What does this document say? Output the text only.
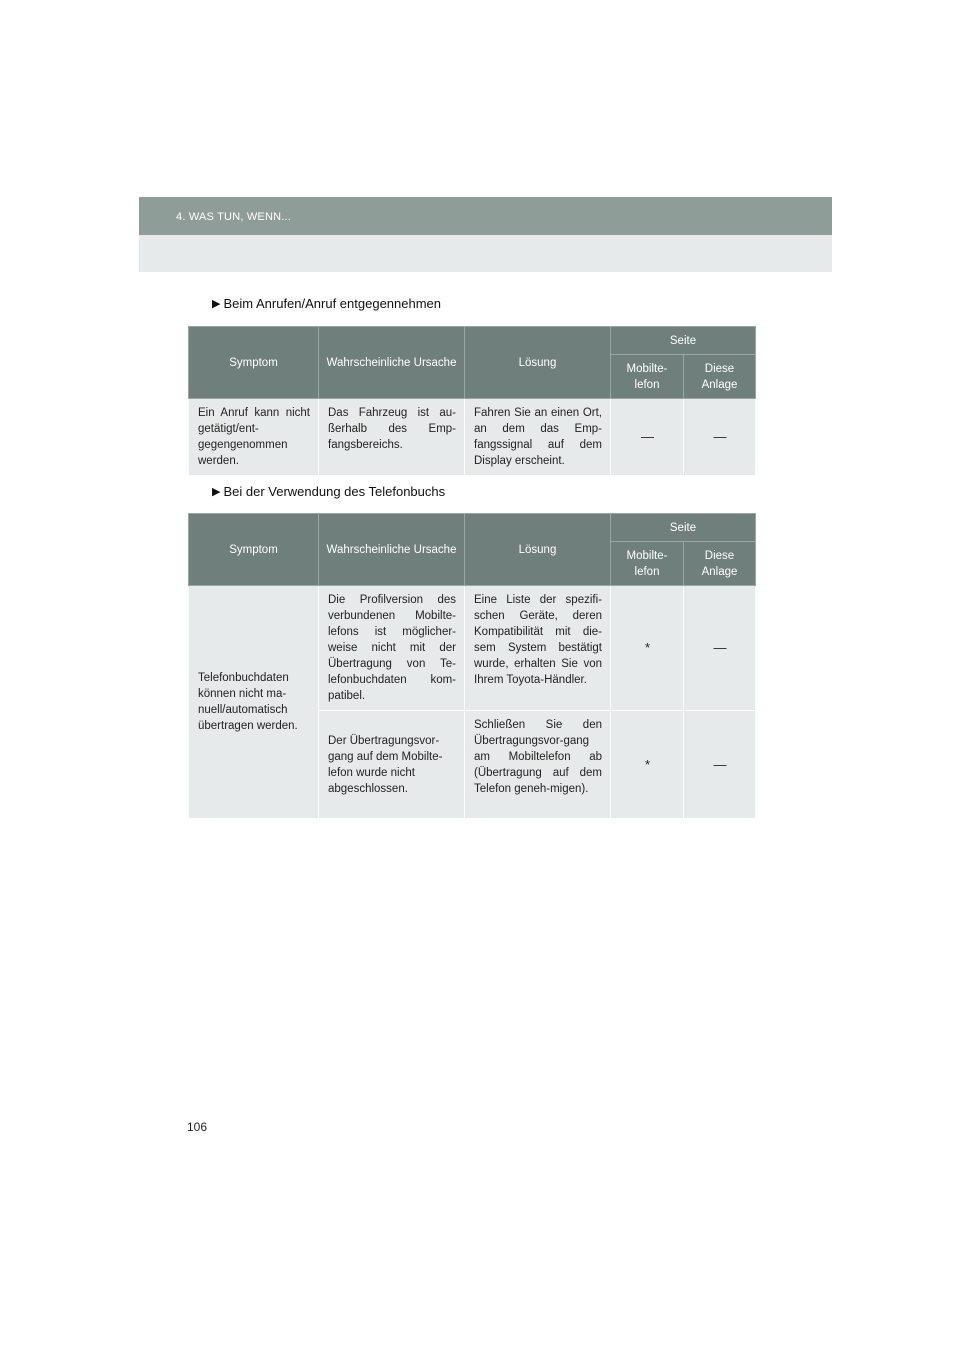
4. WAS TUN, WENN...
▶ Beim Anrufen/Anruf entgegennehmen
Symptom	Wahrscheinliche Ursache	Lösung	Seite	
			Mobilte-lefon	Diese Anlage
Ein Anruf kann nicht getätigt/ent-gegengenommen werden.	Das Fahrzeug ist au-ßerhalb des Emp-fangsbereichs.	Fahren Sie an einen Ort, an dem das Emp-fangssignal auf dem Display erscheint.	—	—
▶ Bei der Verwendung des Telefonbuchs
Symptom	Wahrscheinliche Ursache	Lösung	Seite	
			Mobilte-lefon	Diese Anlage
Telefonbuchdaten können nicht ma-nuell/automatisch übertragen werden.	Die Profilversion des verbundenen Mobilte-lefons ist möglicher-weise nicht mit der Übertragung von Te-lefonbuchdaten kom-patibel.	Eine Liste der spezifi-schen Geräte, deren Kompatibilität mit die-sem System bestätigt wurde, erhalten Sie von Ihrem Toyota-Händler.	*	—
	Der Übertragungsvor-gang auf dem Mobilte-lefon wurde nicht abgeschlossen.	Schließen Sie den Übertragungsvor-gang am Mobiltelefon ab (Übertragung auf dem Telefon geneh-migen).	*	—
106
